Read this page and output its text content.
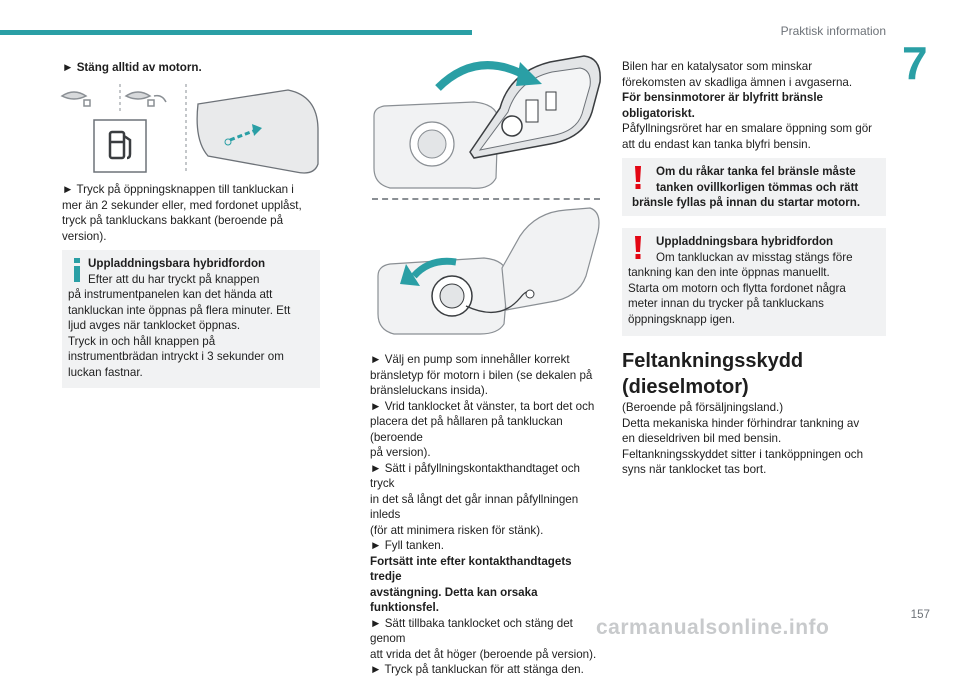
Praktisk information
7
► Stäng alltid av motorn.
► Tryck på öppningsknappen till tankluckan i
mer än 2 sekunder eller, med fordonet upplåst,
tryck på tankluckans bakkant (beroende på
version).
Uppladdningsbara hybridfordon
Efter att du har tryckt på knappen
på instrumentpanelen kan det hända att
tankluckan inte öppnas på flera minuter. Ett
ljud avges när tanklocket öppnas.
Tryck in och håll knappen på
instrumentbrädan intryckt i 3 sekunder om
luckan fastnar.
► Välj en pump som innehåller korrekt
bränsletyp för motorn i bilen (se dekalen på
bränsleluckans insida).
► Vrid tanklocket åt vänster, ta bort det och
placera det på hållaren på tankluckan (beroende
på version).
► Sätt i påfyllningskontakthandtaget och tryck
in det så långt det går innan påfyllningen inleds
(för att minimera risken för stänk).
► Fyll tanken.
Fortsätt inte efter kontakthandtagets tredje
avstängning. Detta kan orsaka funktionsfel.
► Sätt tillbaka tanklocket och stäng det genom
att vrida det åt höger (beroende på version).
► Tryck på tankluckan för att stänga den.
Bilen har en katalysator som minskar
förekomsten av skadliga ämnen i avgaserna.
För bensinmotorer är blyfritt bränsle
obligatoriskt.
Påfyllningsröret har en smalare öppning som gör
att du endast kan tanka blyfri bensin.
Om du råkar tanka fel bränsle måste
tanken ovillkorligen tömmas och rätt
bränsle fyllas på innan du startar motorn.
Uppladdningsbara hybridfordon
Om tankluckan av misstag stängs före
tankning kan den inte öppnas manuellt.
Starta om motorn och flytta fordonet några
meter innan du trycker på tankluckans
öppningsknapp igen.
Feltankningsskydd
(dieselmotor)
(Beroende på försäljningsland.)
Detta mekaniska hinder förhindrar tankning av
en dieseldriven bil med bensin.
Feltankningsskyddet sitter i tanköppningen och
syns när tanklocket tas bort.
carmanualsonline.info
157
